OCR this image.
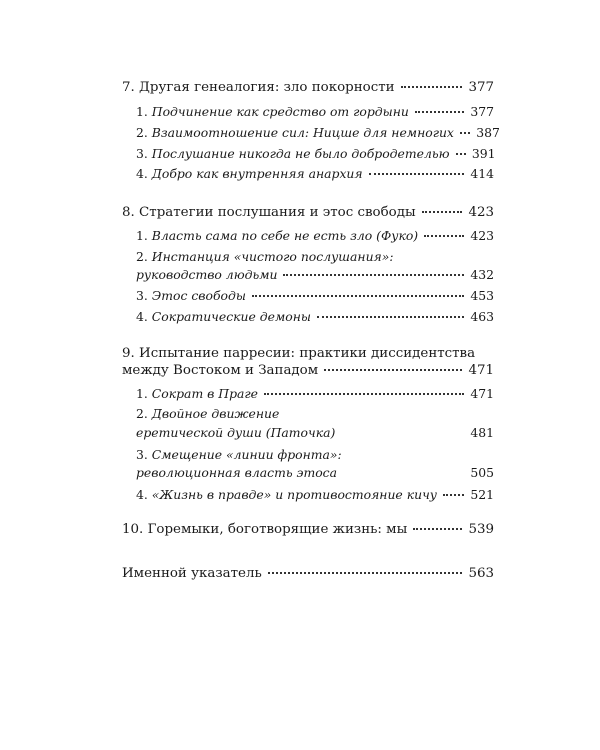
7. Другая генеалогия: зло покорности	377
1. Подчинение как средство от гордыни	377
2. Взаимоотношение сил: Ницше для немногих 387
3. Послушание никогда не было добродетелью 391
4. Добро как внутренняя анархия	414
8. Стратегии послушания и этос свободы	423
1. Власть сама по себе не есть зло (Фуко)	423
2. Инстанция «чистого послушания»:
руководство людьми	432
3. Этос свободы	453
4. Сократические демоны	463
9. Испытание парресии: практики диссидентства
между Востоком и Западом	471
1. Сократ в Праге	471
2. Двойное движение
еретической души (Паточка)	481
3. Смещение «линии фронта»:
революционная власть этоса	505
4. «Жизнь в правде» и противостояние кичу	521
10. Горемыки, боготворящие жизнь: мы	539
Именной указатель	563
